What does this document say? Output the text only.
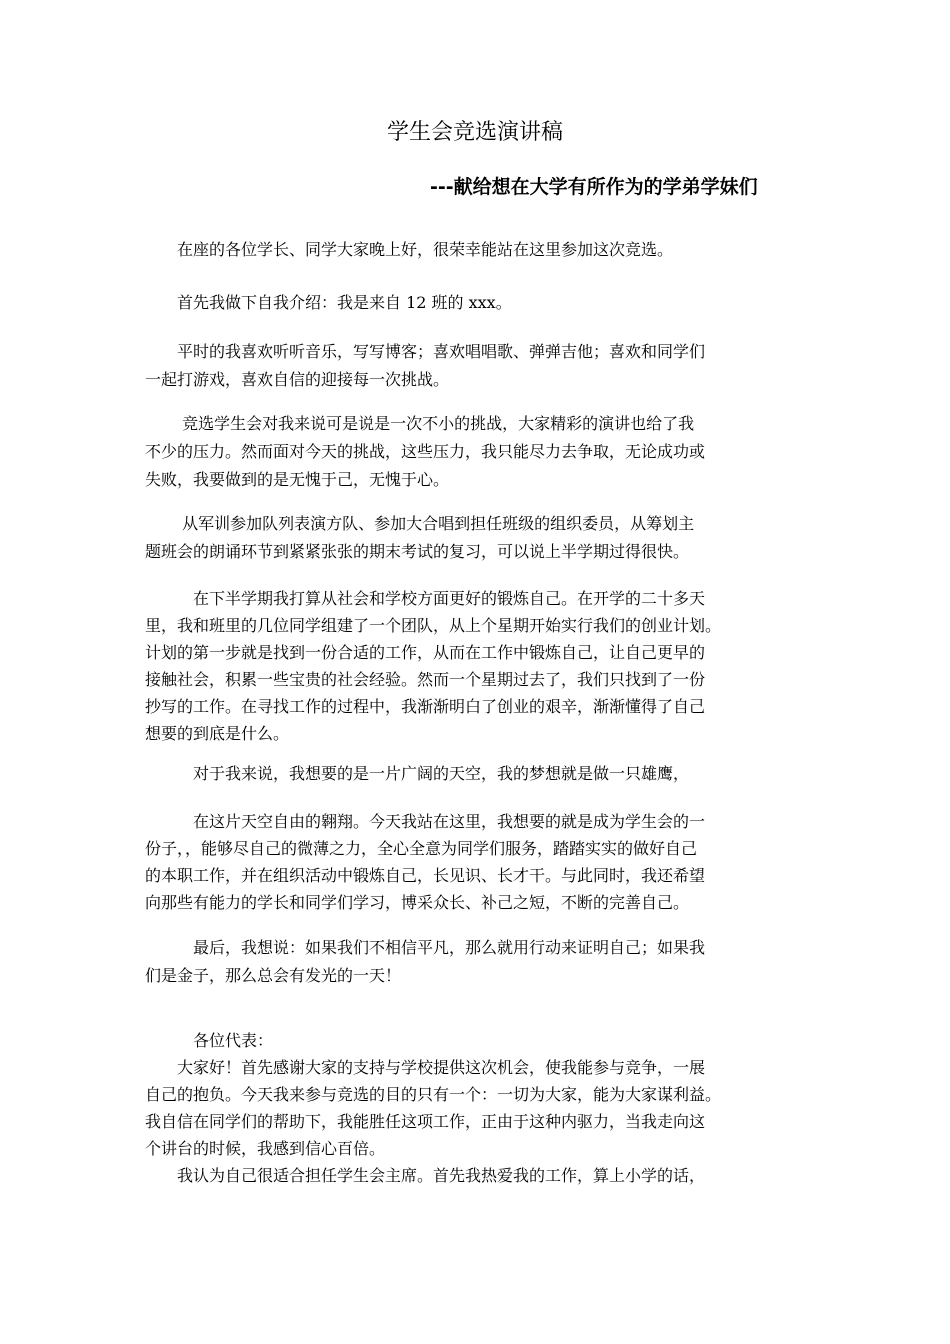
学生会竞选演讲稿
---献给想在大学有所作为的学弟学妹们
　　在座的各位学长、同学大家晚上好，很荣幸能站在这里参加这次竞选。
　　首先我做下自我介绍：我是来自 12 班的 xxx。
　　平时的我喜欢听听音乐，写写博客；喜欢唱唱歌、弹弹吉他；喜欢和同学们
一起打游戏，喜欢自信的迎接每一次挑战。
　　 竞选学生会对我来说可是说是一次不小的挑战，大家精彩的演讲也给了我
不少的压力。然而面对今天的挑战，这些压力，我只能尽力去争取，无论成功或
失败，我要做到的是无愧于己，无愧于心。
　　 从军训参加队列表演方队、参加大合唱到担任班级的组织委员，从筹划主
题班会的朗诵环节到紧紧张张的期末考试的复习，可以说上半学期过得很快。
　　　在下半学期我打算从社会和学校方面更好的锻炼自己。在开学的二十多天
里，我和班里的几位同学组建了一个团队，从上个星期开始实行我们的创业计划。
计划的第一步就是找到一份合适的工作，从而在工作中锻炼自己，让自己更早的
接触社会，积累一些宝贵的社会经验。然而一个星期过去了，我们只找到了一份
抄写的工作。在寻找工作的过程中，我渐渐明白了创业的艰辛，渐渐懂得了自己
想要的到底是什么。
　　　对于我来说，我想要的是一片广阔的天空，我的梦想就是做一只雄鹰，
　　　在这片天空自由的翱翔。今天我站在这里，我想要的就是成为学生会的一
份子，，能够尽自己的微薄之力，全心全意为同学们服务，踏踏实实的做好自己
的本职工作，并在组织活动中锻炼自己，长见识、长才干。与此同时，我还希望
向那些有能力的学长和同学们学习，博采众长、补己之短，不断的完善自己。
　　　最后，我想说：如果我们不相信平凡，那么就用行动来证明自己；如果我
们是金子，那么总会有发光的一天！
　　　各位代表：
　　大家好！首先感谢大家的支持与学校提供这次机会，使我能参与竞争，一展
自己的抱负。今天我来参与竞选的目的只有一个：一切为大家，能为大家谋利益。
我自信在同学们的帮助下，我能胜任这项工作，正由于这种内驱力，当我走向这
个讲台的时候，我感到信心百倍。
　　我认为自己很适合担任学生会主席。首先我热爱我的工作，算上小学的话，
